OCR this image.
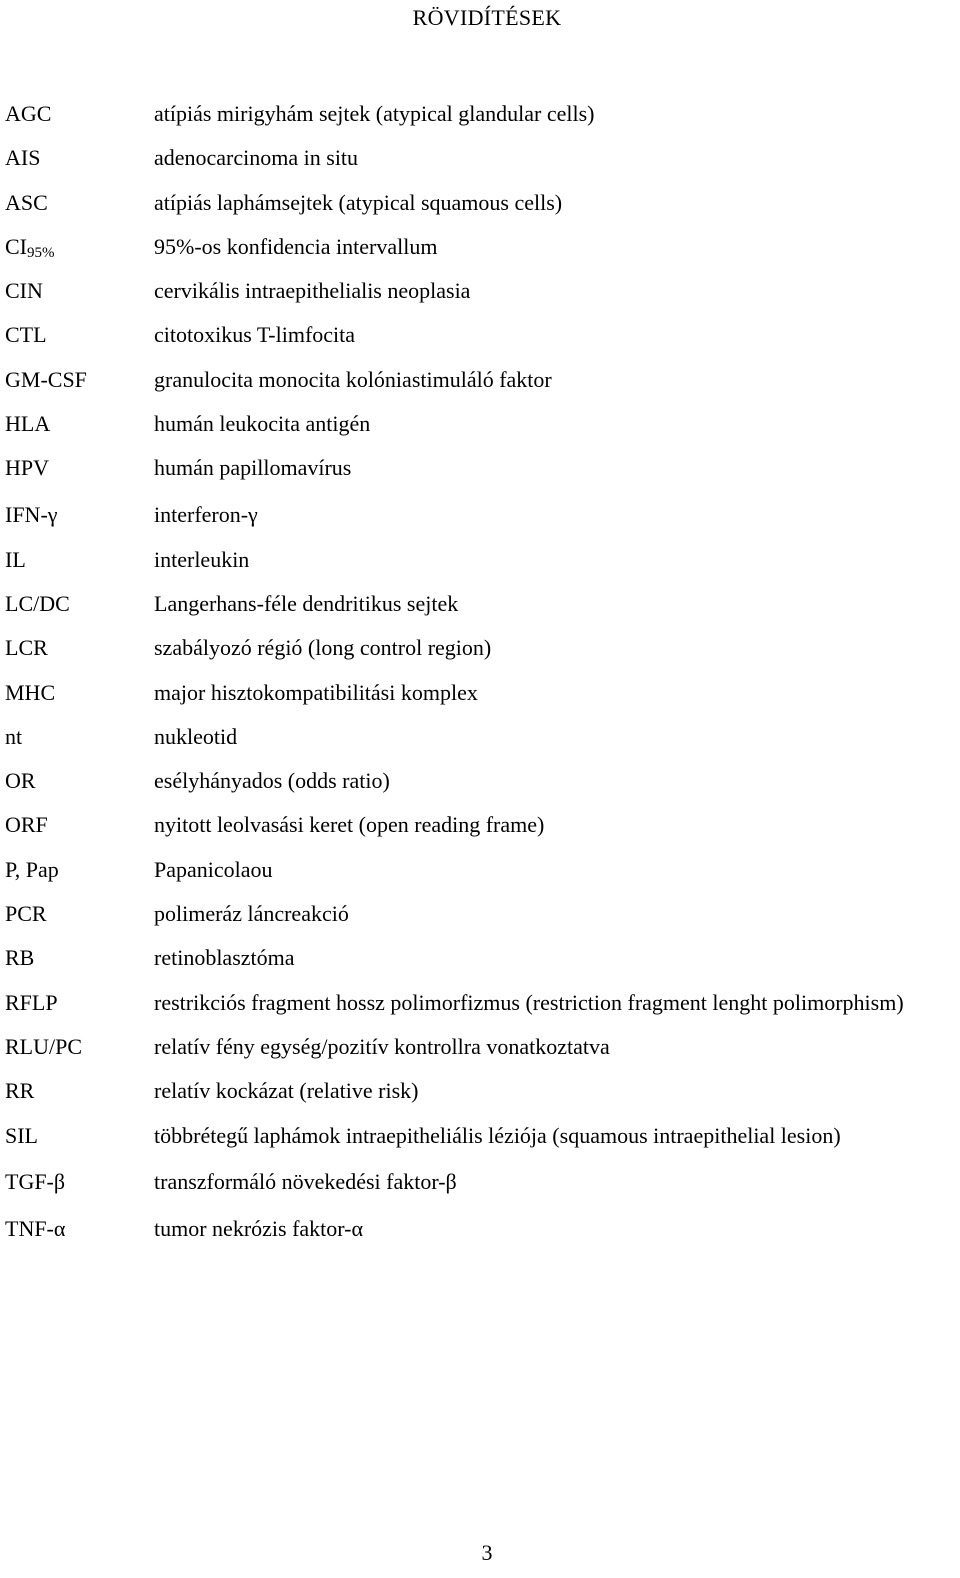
RÖVIDÍTÉSEK
AGC	atípiás mirigyhám sejtek (atypical glandular cells)
AIS	adenocarcinoma in situ
ASC	atípiás laphámsejtek (atypical squamous cells)
$CI_{95\%}$	95%-os konfidencia intervallum
CIN	cervikális intraepithelialis neoplasia
CTL	citotoxikus T-limfocita
GM-CSF	granulocita monocita kolóniastimuláló faktor
HLA	humán leukocita antigén
HPV	humán papillomavírus
IFN-γ	interferon-γ
IL	interleukin
LC/DC	Langerhans-féle dendritikus sejtek
LCR	szabályozó régió (long control region)
MHC	major hisztokompatibilitási komplex
nt	nukleotid
OR	esélyhányados (odds ratio)
ORF	nyitott leolvasási keret (open reading frame)
P, Pap	Papanicolaou
PCR	polimeráz láncreakció
RB	retinoblasztóma
RFLP	restrikciós fragment hossz polimorfizmus (restriction fragment lenght polimorphism)
RLU/PC	relatív fény egység/pozitív kontrollra vonatkoztatva
RR	relatív kockázat (relative risk)
SIL	többrétegű laphámok intraepitheliális léziója (squamous intraepithelial lesion)
TGF-β	transzformáló növekedési faktor-β
TNF-α	tumor nekrózis faktor-α
3
